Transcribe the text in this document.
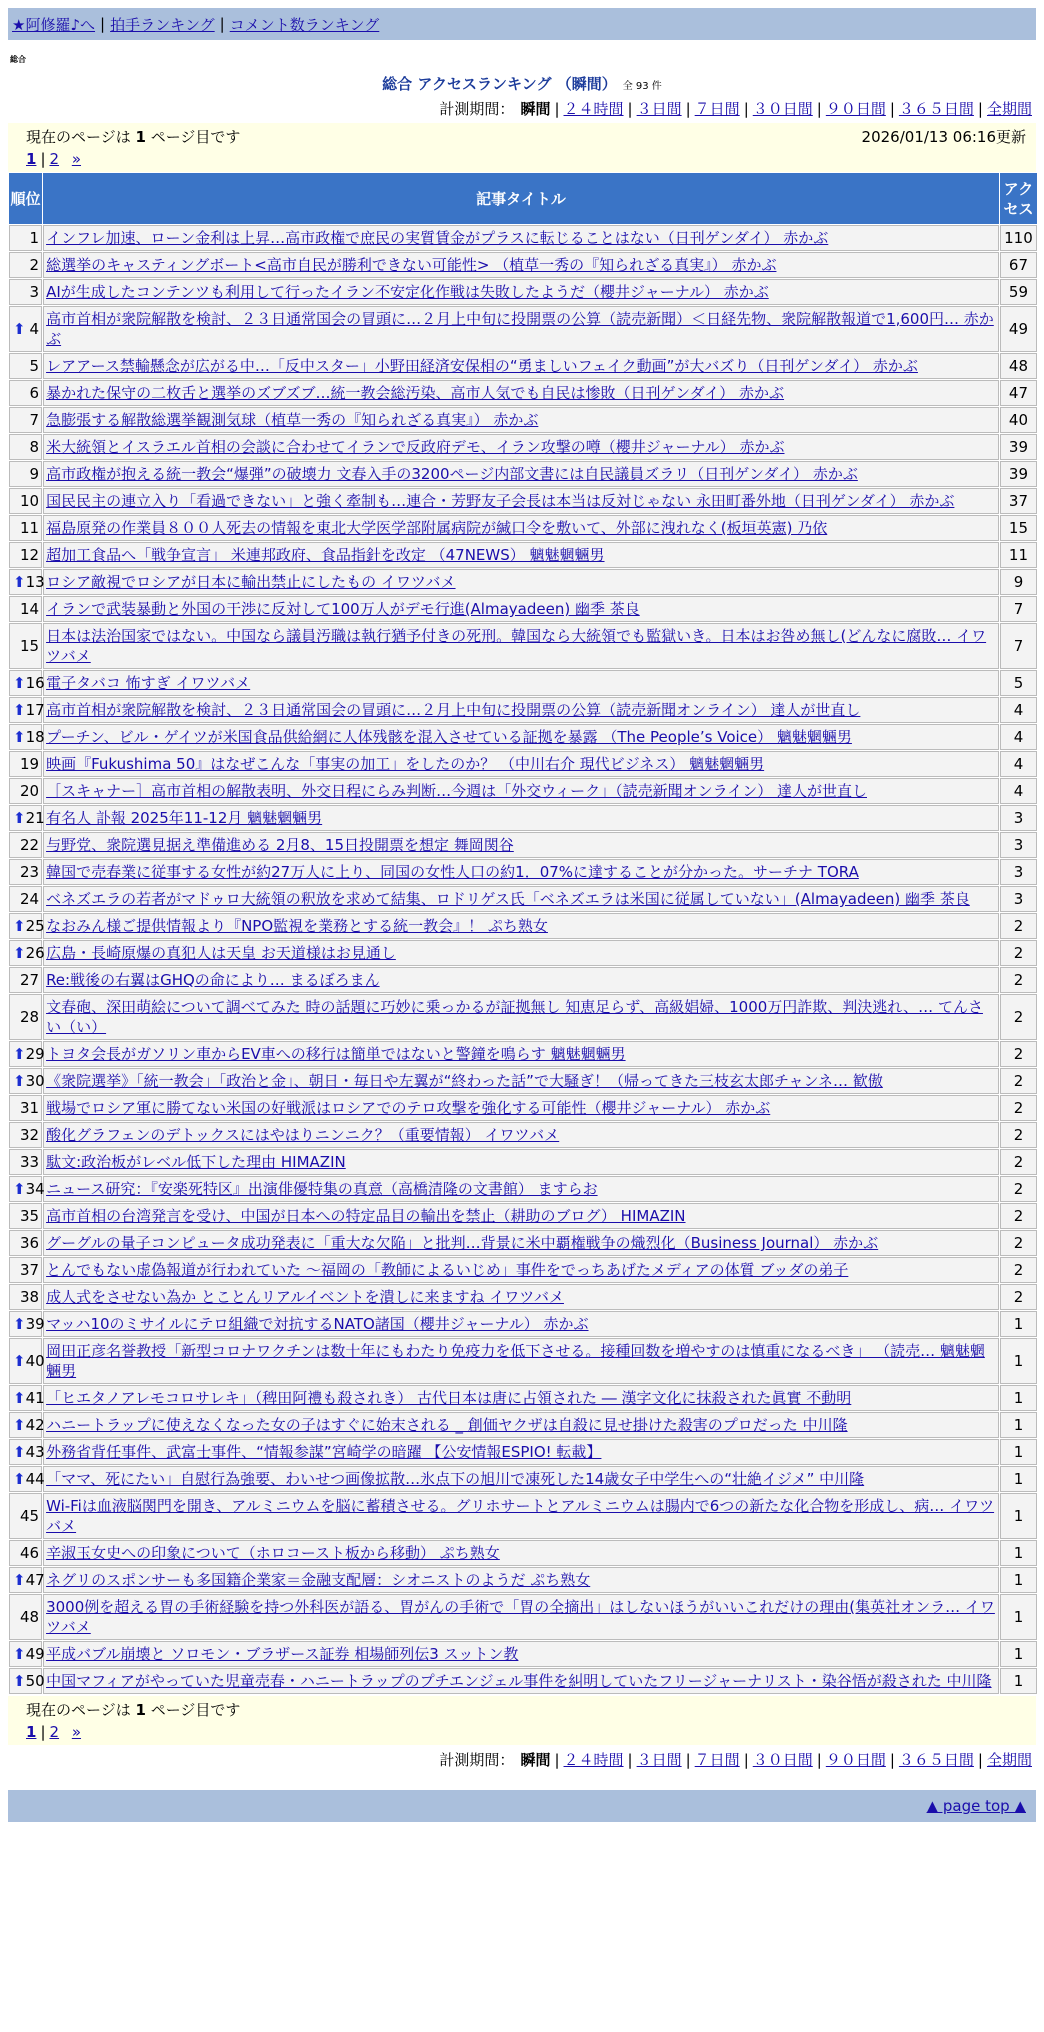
★阿修羅♪へ | 拍手ランキング | コメント数ランキング
総合
総合 アクセスランキング （瞬間） 全 93 件
計測期間： 瞬間 | ２４時間 | ３日間 | ７日間 | ３０日間 | ９０日間 | ３６５日間 | 全期間
現在のページは 1 ページ目です	2026/01/13 06:16更新
1 | 2 »
順位	記事タイトル	アクセス
1	インフレ加速、ローン金利は上昇…高市政権で庶民の実質賃金がプラスに転じることはない（日刊ゲンダイ） 赤かぶ	110
2	総選挙のキャスティングボート<高市自民が勝利できない可能性> （植草一秀の『知られざる真実』） 赤かぶ	67
3	AIが生成したコンテンツも利用して行ったイラン不安定化作戦は失敗したようだ（櫻井ジャーナル） 赤かぶ	59

⬆ 4	高市首相が衆院解散を検討、２３日通常国会の冒頭に…２月上中旬に投開票の公算（読売新聞）＜日経先物、衆院解散報道で1,600円… 赤かぶ	49
5	レアアース禁輸懸念が広がる中…「反中スター」小野田経済安保相の“勇ましいフェイク動画”が大バズり（日刊ゲンダイ） 赤かぶ	48
6	暴かれた保守の二枚舌と選挙のズブズブ…統一教会総汚染、高市人気でも自民は惨敗（日刊ゲンダイ） 赤かぶ	47
7	急膨張する解散総選挙観測気球（植草一秀の『知られざる真実』） 赤かぶ	40
8	米大統領とイスラエル首相の会談に合わせてイランで反政府デモ、イラン攻撃の噂（櫻井ジャーナル） 赤かぶ	39
9	高市政権が抱える統一教会“爆弾”の破壊力 文春入手の3200ページ内部文書には自民議員ズラリ（日刊ゲンダイ） 赤かぶ	39
10	国民民主の連立入り「看過できない」と強く牽制も…連合・芳野友子会長は本当は反対じゃない 永田町番外地（日刊ゲンダイ） 赤かぶ	37
11	福島原発の作業員８００人死去の情報を東北大学医学部附属病院が緘口令を敷いて、外部に洩れなく(板垣英憲) 乃依	15
12	超加工食品へ「戦争宣言」 米連邦政府、食品指針を改定 （47NEWS） 魑魅魍魎男	11

⬆ 13	ロシア敵視でロシアが日本に輸出禁止にしたもの イワツバメ	9
14	イランで武装暴動と外国の干渉に反対して100万人がデモ行進(Almayadeen) 幽季 茶良	7
15	日本は法治国家ではない。中国なら議員汚職は執行猶予付きの死刑。韓国なら大統領でも監獄いき。日本はお咎め無し(どんなに腐敗… イワツバメ	7

⬆ 16	電子タバコ 怖すぎ イワツバメ	5

⬆ 17	高市首相が衆院解散を検討、２３日通常国会の冒頭に…２月上中旬に投開票の公算（読売新聞オンライン） 達人が世直し	4

⬆ 18	プーチン、ビル・ゲイツが米国食品供給網に人体残骸を混入させている証拠を暴露 （The People’s Voice） 魑魅魍魎男	4
19	映画『Fukushima 50』はなぜこんな「事実の加工」をしたのか？ （中川右介 現代ビジネス） 魑魅魍魎男	4
20	［スキャナー］高市首相の解散表明、外交日程にらみ判断…今週は「外交ウィーク」（読売新聞オンライン） 達人が世直し	4

⬆ 21	有名人 訃報 2025年11-12月 魑魅魍魎男	3
22	与野党、衆院選見据え準備進める 2月8、15日投開票を想定 舞岡関谷	3
23	韓国で売春業に従事する女性が約27万人に上り、同国の女性人口の約1．07%に達することが分かった。サーチナ TORA	3
24	ベネズエラの若者がマドゥロ大統領の釈放を求めて結集、ロドリゲス氏「ベネズエラは米国に従属していない」(Almayadeen) 幽季 茶良	3

⬆ 25	なおみん様ご提供情報より『NPO監視を業務とする統一教会』！ ぷち熟女	2

⬆ 26	広島・長崎原爆の真犯人は天皇 お天道様はお見通し	2
27	Re:戦後の右翼はGHQの命により… まるぼろまん	2
28	文春砲、深田萌絵について調べてみた 時の話題に巧妙に乗っかるが証拠無し 知恵足らず、高級娼婦、1000万円詐欺、判決逃れ、… てんさい（い）	2

⬆ 29	トヨタ会長がガソリン車からEV車への移行は簡単ではないと警鐘を鳴らす 魑魅魍魎男	2

⬆ 30	《衆院選挙》「統一教会」「政治と金」、朝日・毎日や左翼が“終わった話”で大騒ぎ！（帰ってきた三枝玄太郎チャンネ… 歓傲	2
31	戦場でロシア軍に勝てない米国の好戦派はロシアでのテロ攻撃を強化する可能性（櫻井ジャーナル） 赤かぶ	2
32	酸化グラフェンのデトックスにはやはりニンニク？（重要情報） イワツバメ	2
33	駄文:政治板がレベル低下した理由 HIMAZIN	2

⬆ 34	ニュース研究：『安楽死特区』出演俳優特集の真意（高橋清隆の文書館） ますらお	2
35	高市首相の台湾発言を受け、中国が日本への特定品目の輸出を禁止（耕助のブログ） HIMAZIN	2
36	グーグルの量子コンピュータ成功発表に「重大な欠陥」と批判…背景に米中覇権戦争の熾烈化（Business Journal） 赤かぶ	2
37	とんでもない虚偽報道が行われていた ～福岡の「教師によるいじめ」事件をでっちあげたメディアの体質 ブッダの弟子	2
38	成人式をさせない為か とことんリアルイベントを潰しに来ますね イワツバメ	2

⬆ 39	マッハ10のミサイルにテロ組織で対抗するNATO諸国（櫻井ジャーナル） 赤かぶ	1

⬆ 40	岡田正彦名誉教授「新型コロナワクチンは数十年にもわたり免疫力を低下させる。接種回数を増やすのは慎重になるべき」 （読売… 魑魅魍魎男	1

⬆ 41	「ヒエタノアレモコロサレキ」（稗田阿禮も殺されき） 古代日本は唐に占領された ― 漢字文化に抹殺された眞實 不動明	1

⬆ 42	ハニートラップに使えなくなった女の子はすぐに始末される _ 創価ヤクザは自殺に見せ掛けた殺害のプロだった 中川隆	1

⬆ 43	外務省背任事件、武富士事件、“情報参謀”宮崎学の暗躍 【公安情報ESPIO! 転載】	1

⬆ 44	「ママ、死にたい」自慰行為強要、わいせつ画像拡散…氷点下の旭川で凍死した14歳女子中学生への“壮絶イジメ” 中川隆	1
45	Wi-Fiは血液脳関門を開き、アルミニウムを脳に蓄積させる。グリホサートとアルミニウムは腸内で6つの新たな化合物を形成し、病… イワツバメ	1
46	辛淑玉女史への印象について（ホロコースト板から移動） ぷち熟女	1

⬆ 47	ネグリのスポンサーも多国籍企業家＝金融支配層：シオニストのようだ ぷち熟女	1
48	3000例を超える胃の手術経験を持つ外科医が語る、胃がんの手術で「胃の全摘出」はしないほうがいいこれだけの理由(集英社オンラ… イワツバメ	1

⬆ 49	平成バブル崩壊と ソロモン・ブラザース証券 相場師列伝3 スットン教	1

⬆ 50	中国マフィアがやっていた児童売春・ハニートラップのプチエンジェル事件を糾明していたフリージャーナリスト・染谷悟が殺された 中川隆	1
現在のページは 1 ページ目です
1 | 2 »
計測期間： 瞬間 | ２４時間 | ３日間 | ７日間 | ３０日間 | ９０日間 | ３６５日間 | 全期間
▲ page top ▲
